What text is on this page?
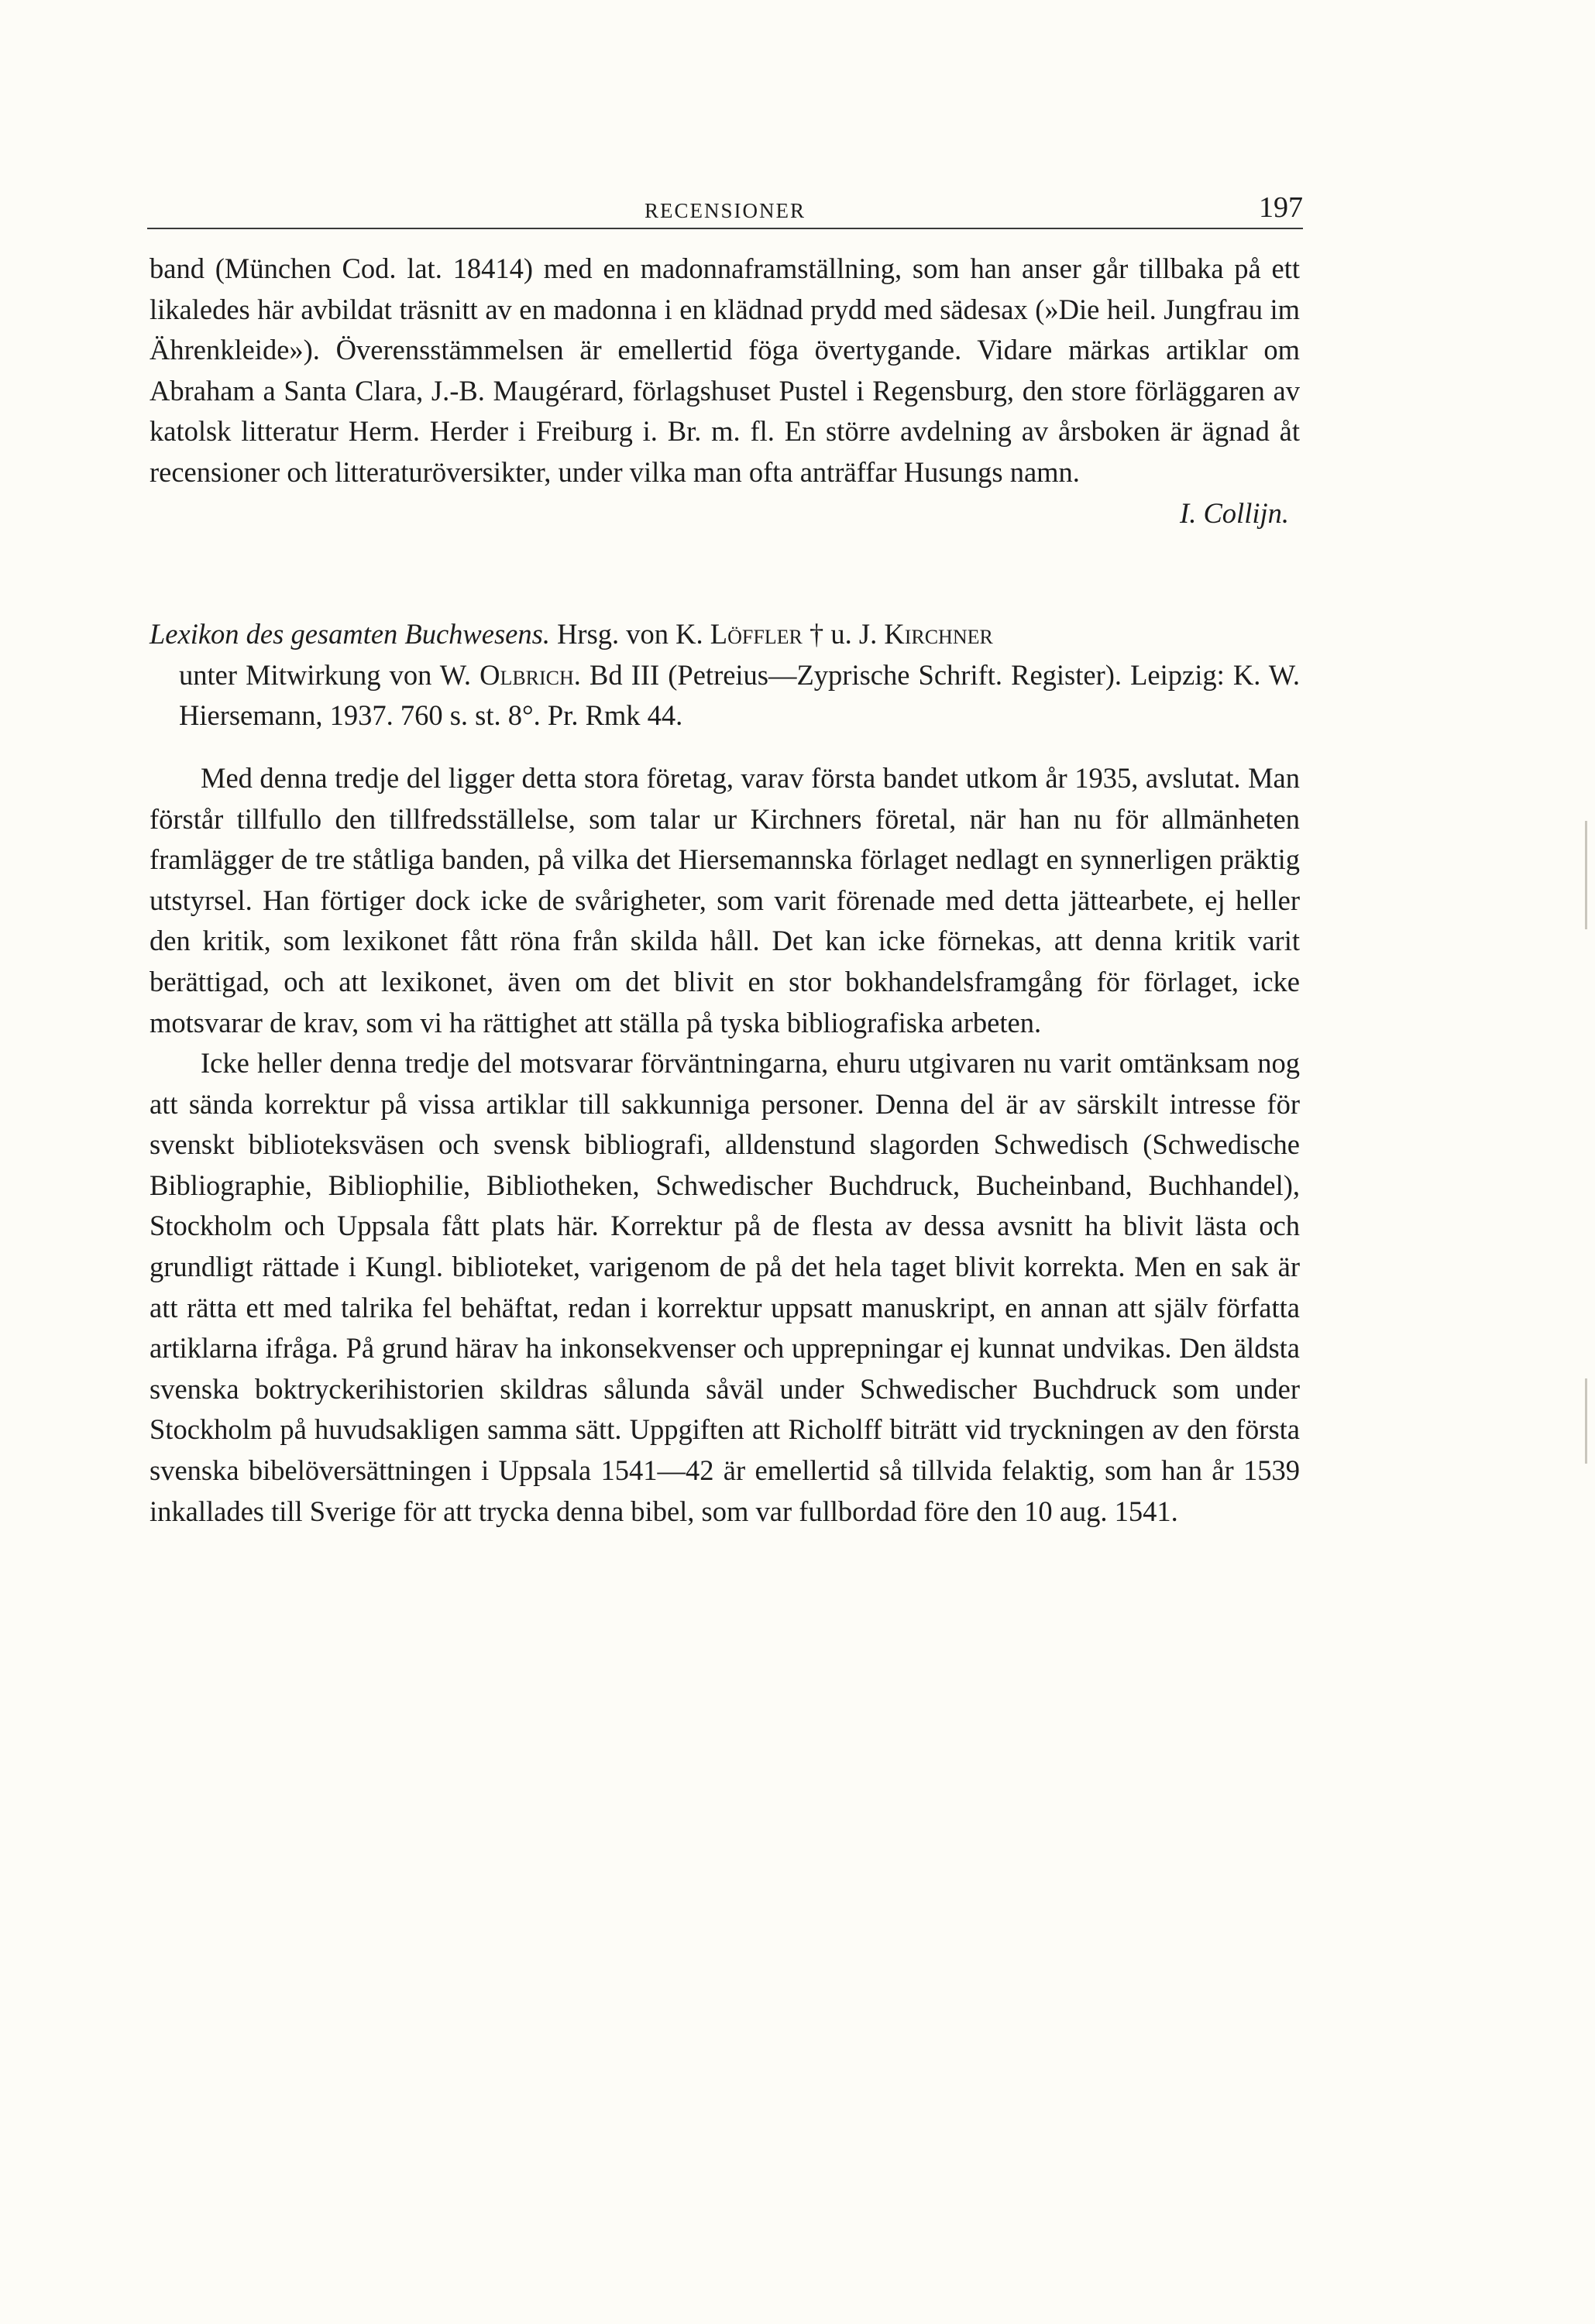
RECENSIONER	197

band (München Cod. lat. 18414) med en madonnaframställning, som han anser går tillbaka på ett likaledes här avbildat träsnitt av en madonna i en klädnad prydd med sädesax (»Die heil. Jungfrau im Ährenkleide»). Överensstämmelsen är emellertid föga övertygande. Vidare märkas artiklar om Abraham a Santa Clara, J.-B. Maugérard, förlagshuset Pustel i Regensburg, den store förläggaren av katolsk litteratur Herm. Herder i Freiburg i. Br. m. fl. En större avdelning av årsboken är ägnad åt recensioner och litteraturöversikter, under vilka man ofta anträffar Husungs namn.

I. Collijn.
Lexikon des gesamten Buchwesens. Hrsg. von K. Löffler † u. J. Kirchner
unter Mitwirkung von W. Olbrich. Bd III (Petreius—Zyprische Schrift. Register). Leipzig: K. W. Hiersemann, 1937. 760 s. st. 8°. Pr. Rmk 44.

Med denna tredje del ligger detta stora företag, varav första bandet utkom år 1935, avslutat. Man förstår tillfullo den tillfredsställelse, som talar ur Kirchners företal, när han nu för allmänheten framlägger de tre ståtliga banden, på vilka det Hiersemannska förlaget nedlagt en synnerligen präktig utstyrsel. Han förtiger dock icke de svårigheter, som varit förenade med detta jättearbete, ej heller den kritik, som lexikonet fått röna från skilda håll. Det kan icke förnekas, att denna kritik varit berättigad, och att lexikonet, även om det blivit en stor bokhandelsframgång för förlaget, icke motsvarar de krav, som vi ha rättighet att ställa på tyska bibliografiska arbeten.

Icke heller denna tredje del motsvarar förväntningarna, ehuru utgivaren nu varit omtänksam nog att sända korrektur på vissa artiklar till sakkunniga personer. Denna del är av särskilt intresse för svenskt biblioteksväsen och svensk bibliografi, alldenstund slagorden Schwedisch (Schwedische Bibliographie, Bibliophilie, Bibliotheken, Schwedischer Buchdruck, Bucheinband, Buchhandel), Stockholm och Uppsala fått plats här. Korrektur på de flesta av dessa avsnitt ha blivit lästa och grundligt rättade i Kungl. biblioteket, varigenom de på det hela taget blivit korrekta. Men en sak är att rätta ett med talrika fel behäftat, redan i korrektur uppsatt manuskript, en annan att själv författa artiklarna ifråga. På grund härav ha inkonsekvenser och upprepningar ej kunnat undvikas. Den äldsta svenska boktryckerihistorien skildras sålunda såväl under Schwedischer Buchdruck som under Stockholm på huvudsakligen samma sätt. Uppgiften att Richolff biträtt vid tryckningen av den första svenska bibelöversättningen i Uppsala 1541—42 är emellertid så tillvida felaktig, som han år 1539 inkallades till Sverige för att trycka denna bibel, som var fullbordad före den 10 aug. 1541.
